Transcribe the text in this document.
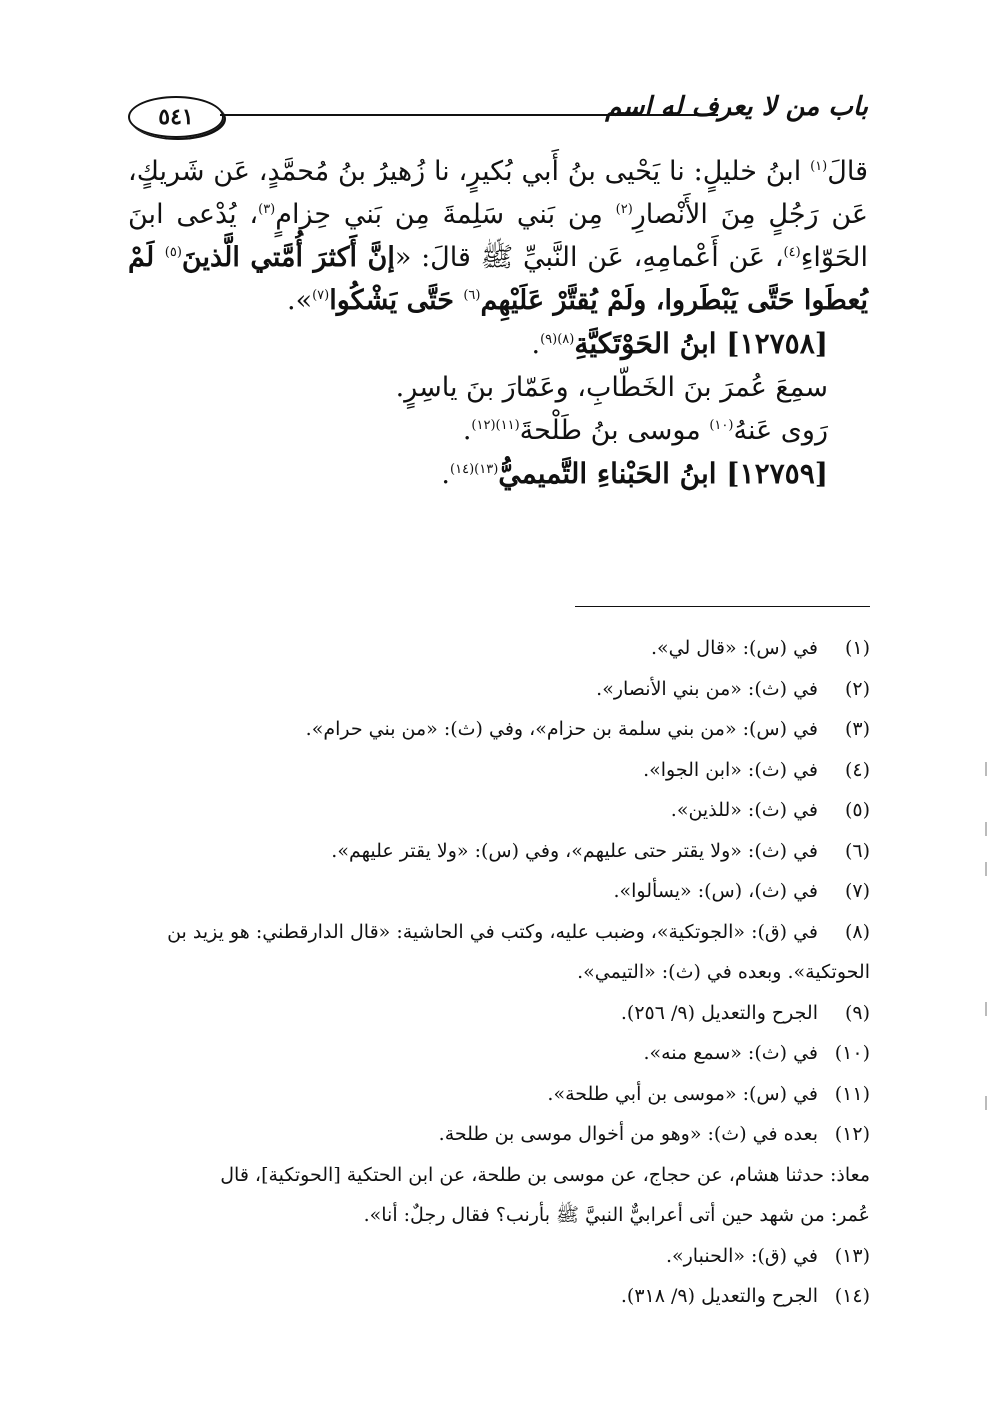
٥٤١	باب من لا يعرف له اسم

قالَ$^{(١)}$ ابنُ خليلٍ: نا يَحْيى بنُ أَبي بُكيرٍ، نا زُهيرُ بنُ مُحمَّدٍ، عَن شَريكٍ، عَن رَجُلٍ مِنَ الأَنْصارِ$^{(٢)}$ مِن بَني سَلِمةَ مِن بَني حِزامٍ$^{(٣)}$، يُدْعى ابنَ الحَوّاءِ$^{(٤)}$، عَن أَعْمامِهِ، عَن النَّبيِّ ﷺ قالَ: «إنَّ أَكثرَ أُمَّتي الَّذينَ$^{(٥)}$ لَمْ يُعطَوا حَتَّى يَبْطَروا، ولَمْ يُقتَّرْ عَلَيْهِم$^{(٦)}$ حَتَّى يَشْكُوا$^{(٧)}$».

[١٢٧٥٨] ابنُ الحَوْتَكيَّةِ$^{(٨)(٩)}$.

سمِعَ عُمرَ بنَ الخَطّابِ، وعَمّارَ بنَ ياسِرٍ.

رَوى عَنهُ$^{(١٠)}$ موسى بنُ طَلْحةَ$^{(١١)(١٢)}$.

[١٢٧٥٩] ابنُ الحَبْناءِ التَّميميُّ$^{(١٣)(١٤)}$.

(١)
في (س): «قال لي».
(٢)
في (ث): «من بني الأنصار».
(٣)
في (س): «من بني سلمة بن حزام»، وفي (ث): «من بني حرام».
(٤)
في (ث): «ابن الجوا».
(٥)
في (ث): «للذين».
(٦)
في (ث): «ولا يقتر حتى عليهم»، وفي (س): «ولا يقتر عليهم».
(٧)
في (ث)، (س): «يسألوا».
(٨)
في (ق): «الجوتكية»، وضبب عليه، وكتب في الحاشية: «قال الدارقطني: هو يزيد بن
الحوتكية». وبعده في (ث): «التيمي».
(٩)
الجرح والتعديل (٩/ ٢٥٦).
(١٠)
في (ث): «سمع منه».
(١١)
في (س): «موسى بن أبي طلحة».
(١٢)
بعده في (ث): «وهو من أخوال موسى بن طلحة.
معاذ: حدثنا هشام، عن حجاج، عن موسى بن طلحة، عن ابن الحتكية [الحوتكية]، قال
عُمر: من شهد حين أتى أعرابيٌّ النبيَّ ﷺ بأرنب؟ فقال رجلٌ: أنا».
(١٣)
في (ق): «الحنبار».
(١٤)
الجرح والتعديل (٩/ ٣١٨).
